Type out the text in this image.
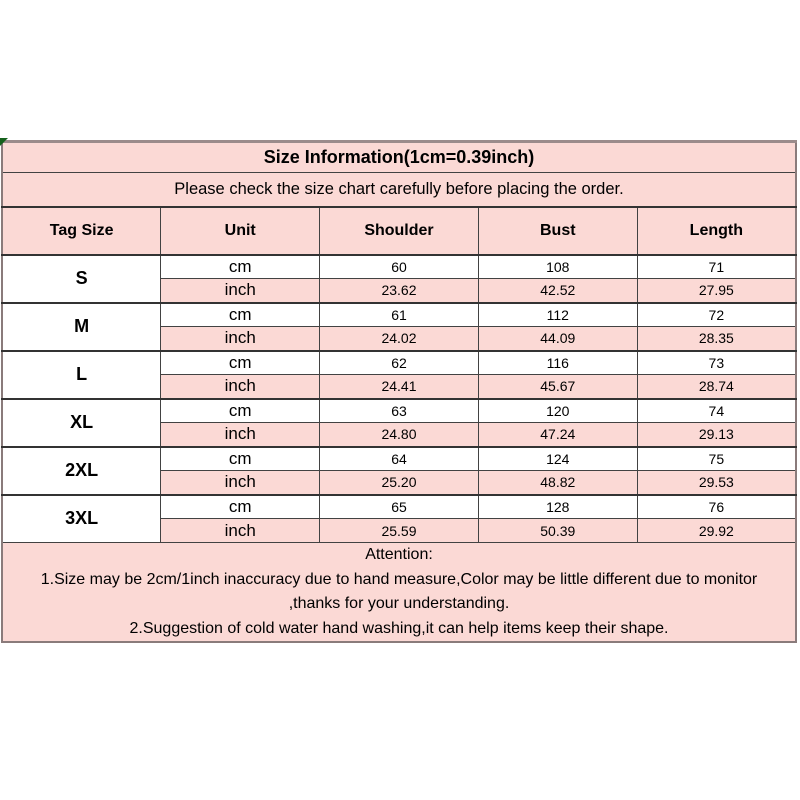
Size Information(1cm=0.39inch)				
Please check the size chart carefully before placing the order.				
Tag Size	Unit	Shoulder	Bust	Length
S	cm	60	108	71
	inch	23.62	42.52	27.95
M	cm	61	112	72
	inch	24.02	44.09	28.35
L	cm	62	116	73
	inch	24.41	45.67	28.74
XL	cm	63	120	74
	inch	24.80	47.24	29.13
2XL	cm	64	124	75
	inch	25.20	48.82	29.53
3XL	cm	65	128	76
	inch	25.59	50.39	29.92

Attention:
1.Size may be 2cm/1inch inaccuracy due to hand measure,Color may be little different due to monitor
,thanks for your understanding.
2.Suggestion of cold water hand washing,it can help items keep their shape.				
